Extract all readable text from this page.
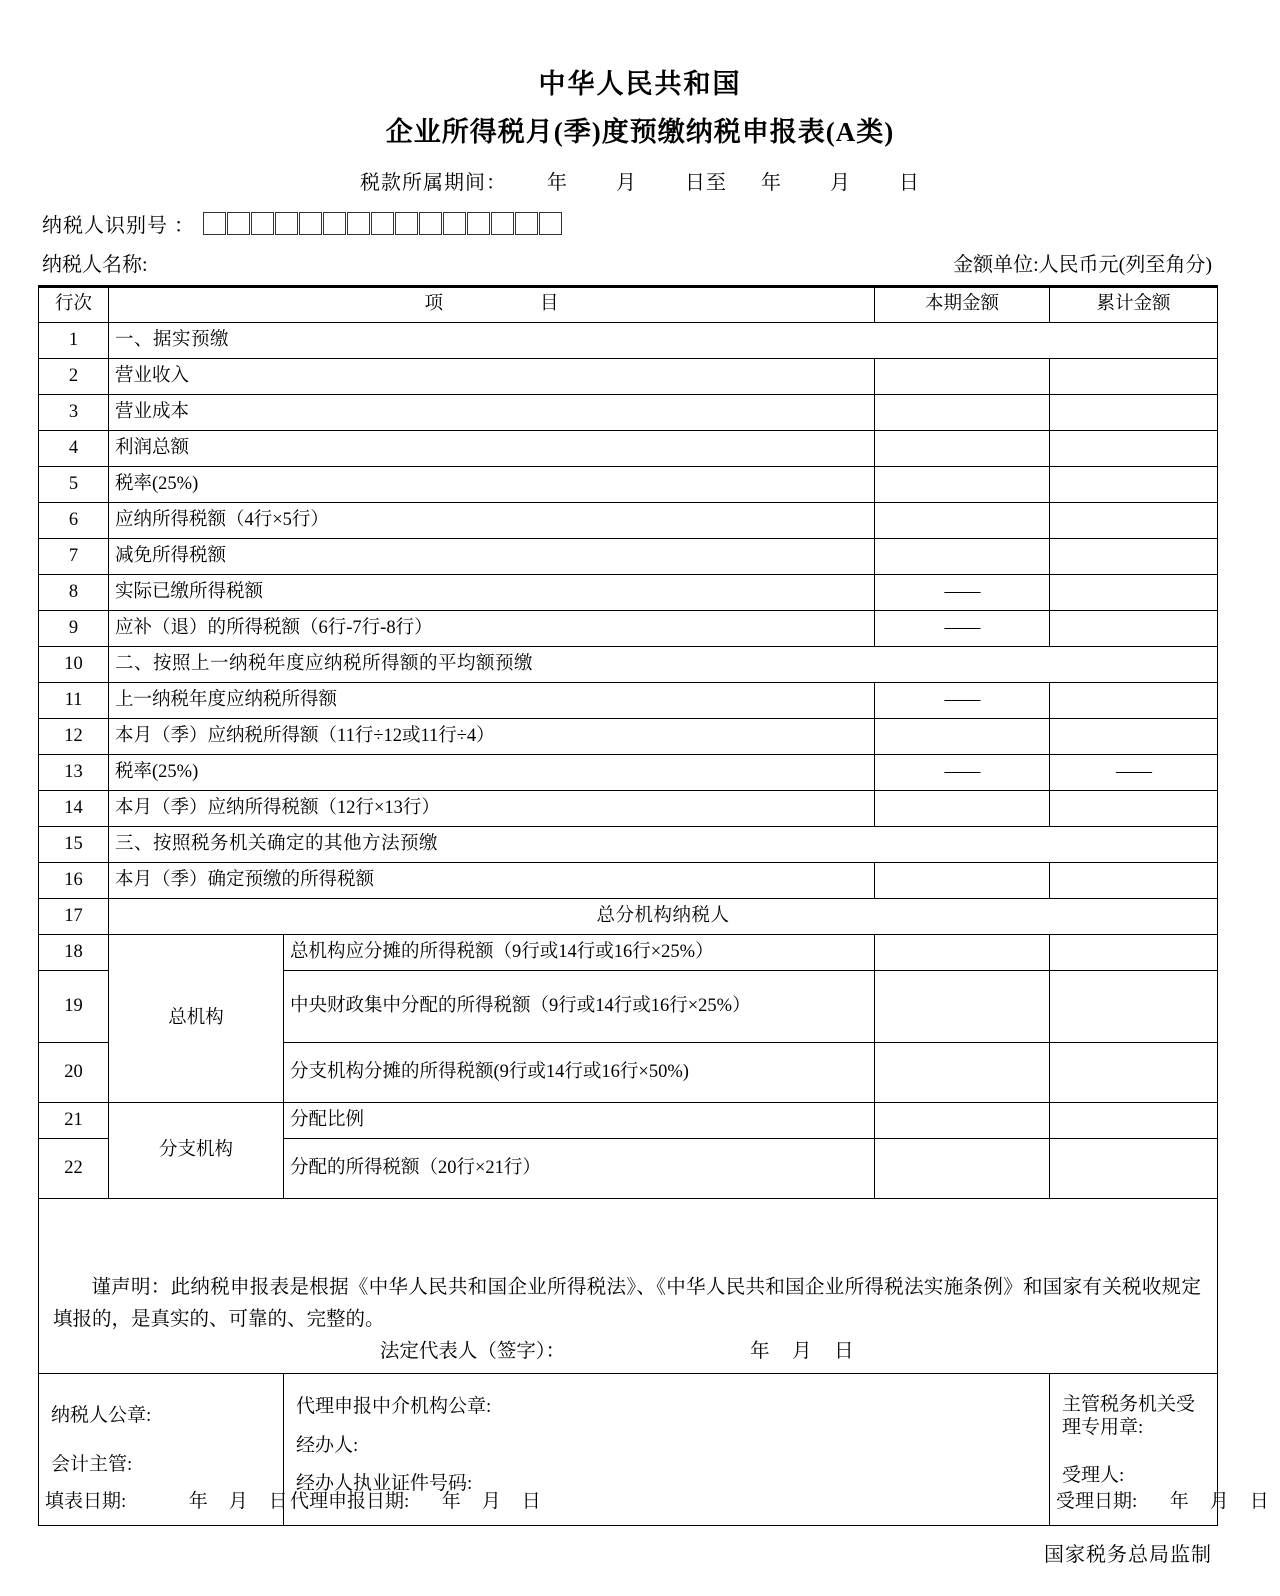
中华人民共和国
企业所得税月(季)度预缴纳税申报表(A类)
税款所属期间： 年 月 日至 年 月 日
纳税人识别号 ：
纳税人名称:	金额单位:人民币元(列至角分)
行次	项　　目		本期金额	累计金额
1	一、据实预缴			
2	营业收入			
3	营业成本			
4	利润总额			
5	税率(25%)			
6	应纳所得税额（4行×5行）			
7	减免所得税额			
8	实际已缴所得税额		——	
9	应补（退）的所得税额（6行-7行-8行）		——	
10	二、按照上一纳税年度应纳税所得额的平均额预缴			
11	上一纳税年度应纳税所得额		——	
12	本月（季）应纳税所得额（11行÷12或11行÷4）			
13	税率(25%)		——	——
14	本月（季）应纳所得税额（12行×13行）			
15	三、按照税务机关确定的其他方法预缴			
16	本月（季）确定预缴的所得税额			
17	总分机构纳税人			
18	总机构	总机构应分摊的所得税额（9行或14行或16行×25%）		
19		中央财政集中分配的所得税额（9行或14行或16行×25%）		
20		分支机构分摊的所得税额(9行或14行或16行×50%)		
21	分支机构	分配比例		
22		分配的所得税额（20行×21行）		

谨声明：此纳税申报表是根据《中华人民共和国企业所得税法》、《中华人民共和国企业所得税法实施条例》和国家有关税收规定填报的，是真实的、可靠的、完整的。
法定代表人（签字）： 年 月 日				

纳税人公章:
会计主管:
填表日期:	年 月 日

代理申报中介机构公章:
经办人:
经办人执业证件号码:
代理申报日期: 年 月 日

主管税务机关受理专用章:
受理人:
受理日期: 年 月 日
国家税务总局监制
